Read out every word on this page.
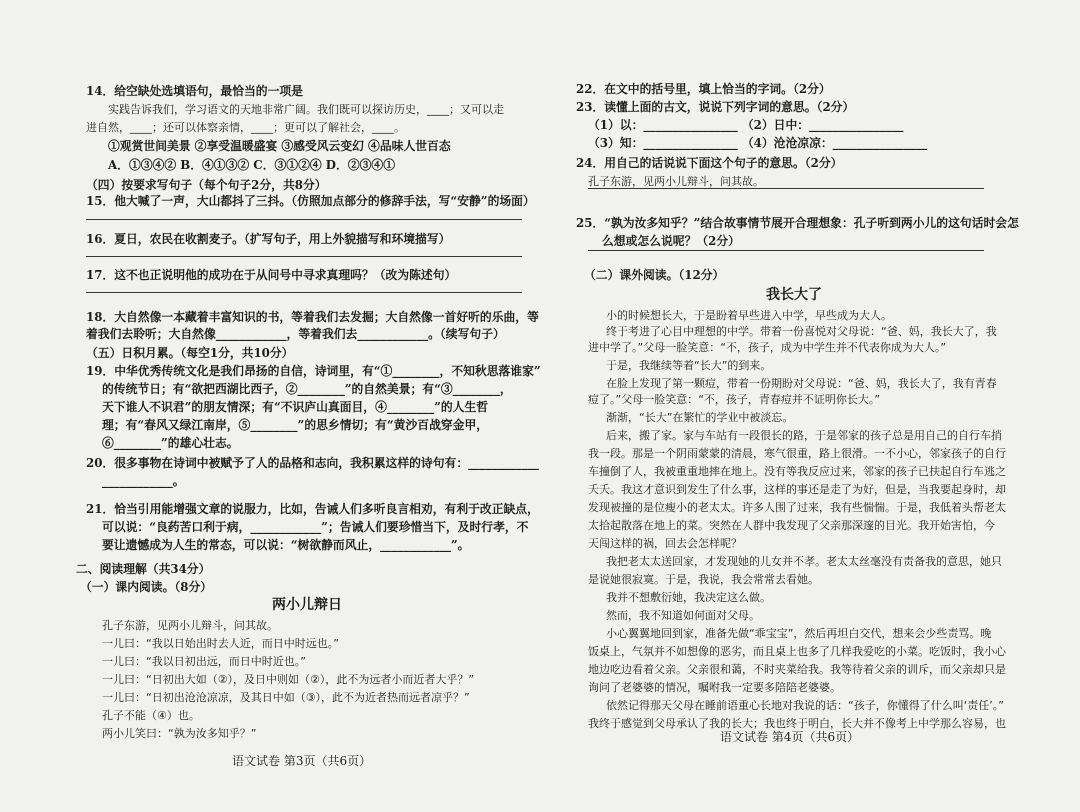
14．给空缺处选填语句，最恰当的一项是
实践告诉我们，学习语文的天地非常广阔。我们既可以探访历史，____；又可以走
进自然，____；还可以体察亲情，____；更可以了解社会，____。
①观赏世间美景 ②享受温暖盛宴 ③感受风云变幻 ④品味人世百态
A．①③④② B．④①③② C．③①②④ D．②③④①
（四）按要求写句子（每个句子2分，共8分）
15．他大喊了一声，大山都抖了三抖。（仿照加点部分的修辞手法，写“安静”的场面）
16．夏日，农民在收割麦子。（扩写句子，用上外貌描写和环境描写）
17．这不也正说明他的成功在于从问号中寻求真理吗？（改为陈述句）
18．大自然像一本藏着丰富知识的书，等着我们去发掘；大自然像一首好听的乐曲，等
着我们去聆听；大自然像____________，等着我们去____________。（续写句子）
（五）日积月累。（每空1分，共10分）
19．中华优秀传统文化是我们昂扬的自信，诗词里，有“①________，不知秋思落谁家”
的传统节日；有“欲把西湖比西子，②________”的自然美景；有“③________，
天下谁人不识君”的朋友情深；有“不识庐山真面目，④________”的人生哲
理；有“春风又绿江南岸，⑤________”的思乡情切；有“黄沙百战穿金甲，
⑥________”的雄心壮志。
20．很多事物在诗词中被赋予了人的品格和志向，我积累这样的诗句有：____________
____________。
21．恰当引用能增强文章的说服力，比如，告诫人们多听良言相劝，有利于改正缺点，
可以说：“良药苦口利于病，____________”；告诫人们要珍惜当下，及时行孝，不
要让遗憾成为人生的常态，可以说：“树欲静而风止，____________”。
二、阅读理解（共34分）
（一）课内阅读。（8分）
两小儿辩日
孔子东游，见两小儿辩斗，问其故。
一儿曰：“我以日始出时去人近，而日中时远也。”
一儿曰：“我以日初出远，而日中时近也。”
一儿曰：“日初出大如（②），及日中则如（②），此不为远者小而近者大乎？”
一儿曰：“日初出沧沧凉凉，及其日中如（③），此不为近者热而远者凉乎？”
孔子不能（④）也。
两小儿笑曰：“孰为汝多知乎？”
22．在文中的括号里，填上恰当的字词。（2分）
23．读懂上面的古文，说说下列字词的意思。（2分）
（1）以：________________ （2）日中：________________
（3）知：________________ （4）沧沧凉凉：________________
24．用自己的话说说下面这个句子的意思。（2分）
孔子东游，见两小儿辩斗，问其故。
25．“孰为汝多知乎？”结合故事情节展开合理想象：孔子听到两小儿的这句话时会怎
么想或怎么说呢？（2分）
（二）课外阅读。（12分）
我长大了
小的时候想长大，于是盼着早些进入中学，早些成为大人。
终于考进了心目中理想的中学。带着一份喜悦对父母说：“爸、妈，我长大了，我
进中学了。”父母一脸笑意：“不，孩子，成为中学生并不代表你成为大人。”
于是，我继续等着“长大”的到来。
在脸上发现了第一颗痘，带着一份期盼对父母说：“爸、妈，我长大了，我有青春
痘了。”父母一脸笑意：“不，孩子，青春痘并不证明你长大。”
渐渐，“长大”在繁忙的学业中被淡忘。
后来，搬了家。家与车站有一段很长的路，于是邻家的孩子总是用自己的自行车捎
我一段。那是一个阴雨蒙蒙的清晨，寒气很重，路上很滑。一不小心，邻家孩子的自行
车撞倒了人，我被重重地摔在地上。没有等我反应过来，邻家的孩子已扶起自行车逃之
夭夭。我这才意识到发生了什么事，这样的事还是走了为好，但是，当我要起身时，却
发现被撞的是位瘦小的老太太。许多人围了过来，我有些惴惴。于是，我低着头帮老太
太拾起散落在地上的菜。突然在人群中我发现了父亲那深邃的目光。我开始害怕，今
天闯这样的祸，回去会怎样呢？
我把老太太送回家，才发现她的儿女并不孝。老太太丝毫没有责备我的意思，她只
是说她很寂寞。于是，我说，我会常常去看她。
我并不想敷衍她，我决定这么做。
然而，我不知道如何面对父母。
小心翼翼地回到家，准备先做“乖宝宝”，然后再坦白交代，想来会少些责骂。晚
饭桌上，气氛并不如想像的恶劣，而且桌上也多了几样我爱吃的小菜。吃饭时，我小心
地边吃边看着父亲。父亲很和蔼，不时夹菜给我。我等待着父亲的训斥，而父亲却只是
询问了老婆婆的情况，嘱咐我一定要多陪陪老婆婆。
依然记得那天父母在睡前语重心长地对我说的话：“孩子，你懂得了什么叫‘责任’。”
我终于感觉到父母承认了我的长大；我也终于明白，长大并不像考上中学那么容易，也
语文试卷 第3页（共6页）
语文试卷 第4页（共6页）
